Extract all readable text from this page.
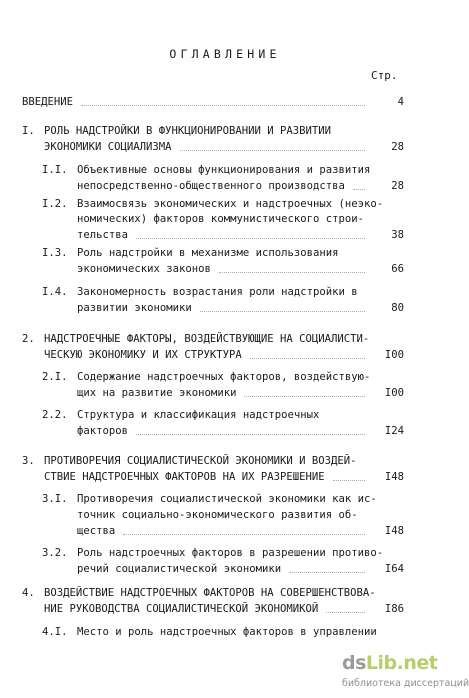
ОГЛАВЛЕНИЕ
Стр.
ВВЕДЕНИЕ	4
I. РОЛЬ НАДСТРОЙКИ В ФУНКЦИОНИРОВАНИИ И РАЗВИТИИ
ЭКОНОМИКИ СОЦИАЛИЗМА	28
I.I. Объективные основы функционирования и развития
непосредственно-общественного производства	28
I.2. Взаимосвязь экономических и надстроечных (неэко-
номических) факторов коммунистического строи-
тельства	38
I.3. Роль надстройки в механизме использования
экономических законов	66
I.4. Закономерность возрастания роли надстройки в
развитии экономики	80
2. НАДСТРОЕЧНЫЕ ФАКТОРЫ, ВОЗДЕЙСТВУЮЩИЕ НА СОЦИАЛИСТИ-
ЧЕСКУЮ ЭКОНОМИКУ И ИХ СТРУКТУРА	I00
2.I. Содержание надстроечных факторов, воздействую-
щих на развитие экономики	I00
2.2. Структура и классификация надстроечных
факторов	I24
3. ПРОТИВОРЕЧИЯ СОЦИАЛИСТИЧЕСКОЙ ЭКОНОМИКИ И ВОЗДЕЙ-
СТВИЕ НАДСТРОЕЧНЫХ ФАКТОРОВ НА ИХ РАЗРЕШЕНИЕ	I48
3.I. Противоречия социалистической экономики как ис-
точник социально-экономического развития об-
щества	I48
3.2. Роль надстроечных факторов в разрешении противо-
речий социалистической экономики	I64
4. ВОЗДЕЙСТВИЕ НАДСТРОЕЧНЫХ ФАКТОРОВ НА СОВЕРШЕНСТВОВА-
НИЕ РУКОВОДСТВА СОЦИАЛИСТИЧЕСКОЙ ЭКОНОМИКОЙ	I86
4.I. Место и роль надстроечных факторов в управлении
dsLib.net
библиотека диссертаций
